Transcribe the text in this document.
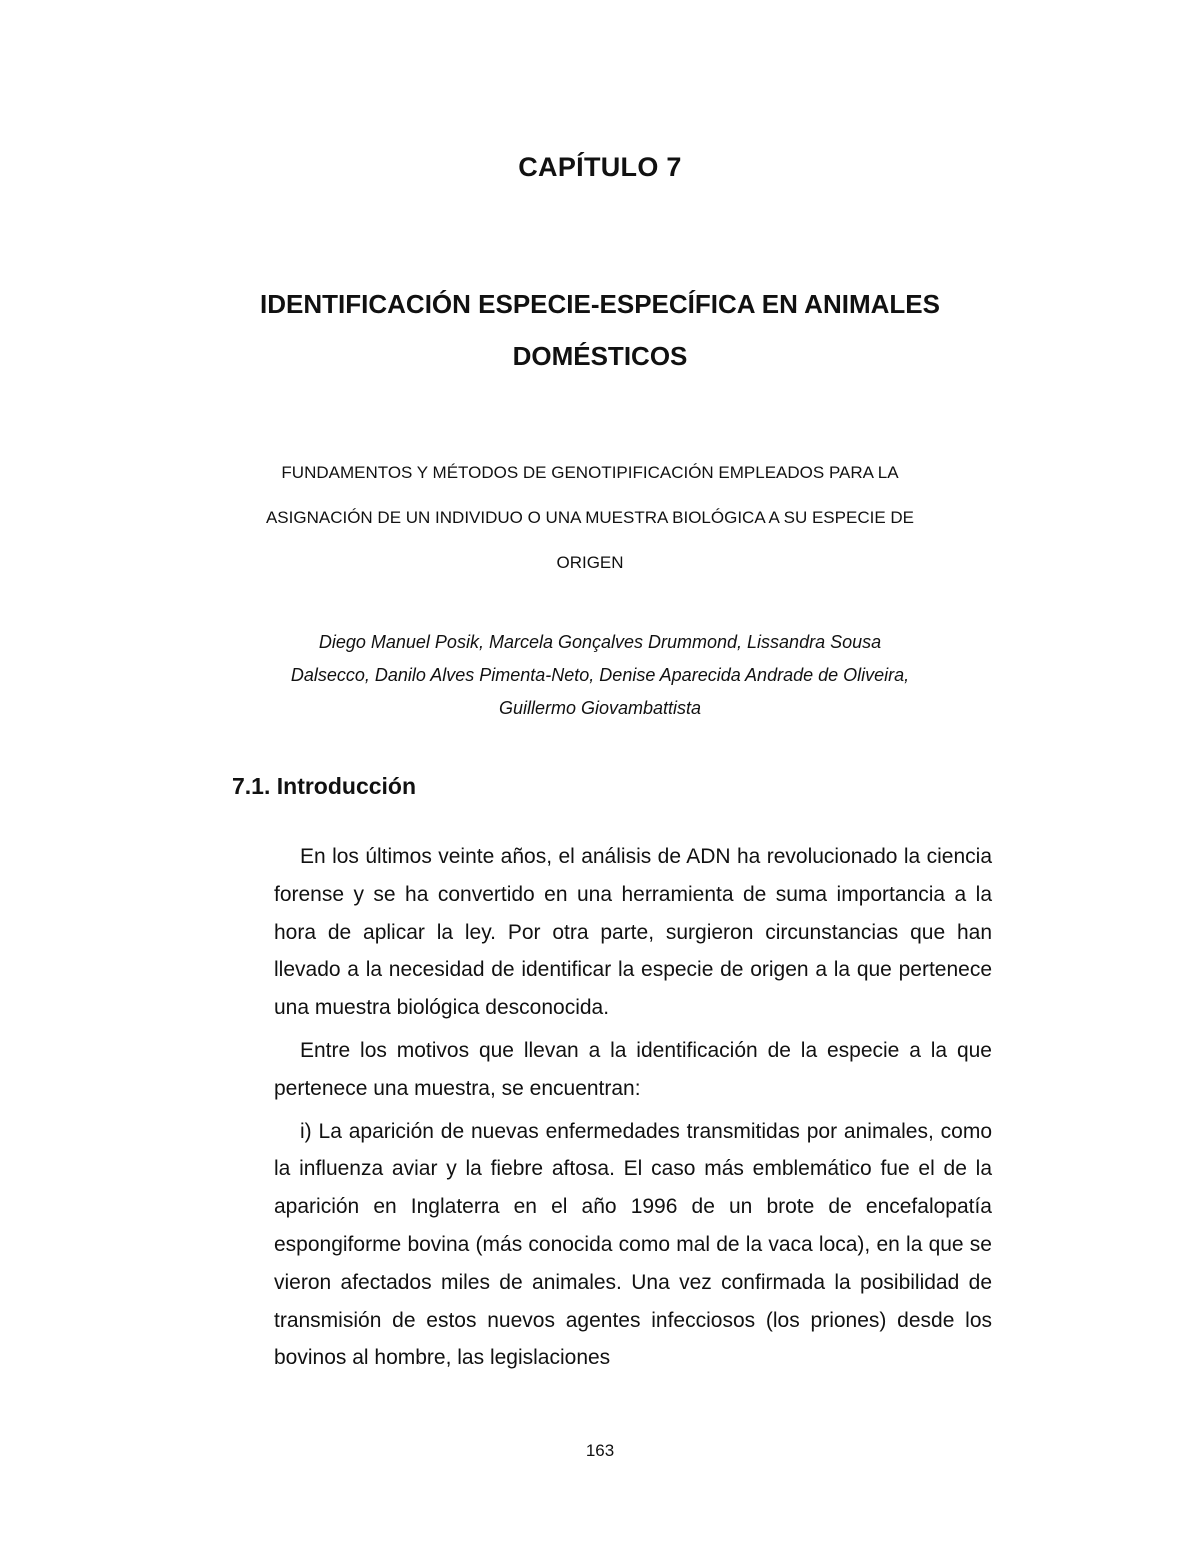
CAPÍTULO 7
IDENTIFICACIÓN ESPECIE-ESPECÍFICA EN ANIMALES
DOMÉSTICOS
FUNDAMENTOS Y MÉTODOS DE GENOTIPIFICACIÓN EMPLEADOS PARA LA
ASIGNACIÓN DE UN INDIVIDUO O UNA MUESTRA BIOLÓGICA A SU ESPECIE DE
ORIGEN
Diego Manuel Posik, Marcela Gonçalves Drummond, Lissandra Sousa
Dalsecco, Danilo Alves Pimenta-Neto, Denise Aparecida Andrade de Oliveira,
Guillermo Giovambattista
7.1. Introducción

En los últimos veinte años, el análisis de ADN ha revolucionado la ciencia forense y se ha convertido en una herramienta de suma importancia a la hora de aplicar la ley. Por otra parte, surgieron circunstancias que han llevado a la necesidad de identificar la especie de origen a la que pertenece una muestra biológica desconocida.

Entre los motivos que llevan a la identificación de la especie a la que pertenece una muestra, se encuentran:

i) La aparición de nuevas enfermedades transmitidas por animales, como la influenza aviar y la fiebre aftosa. El caso más emblemático fue el de la aparición en Inglaterra en el año 1996 de un brote de encefalopatía espongiforme bovina (más conocida como mal de la vaca loca), en la que se vieron afectados miles de animales. Una vez confirmada la posibilidad de transmisión de estos nuevos agentes infecciosos (los priones) desde los bovinos al hombre, las legislaciones

163
